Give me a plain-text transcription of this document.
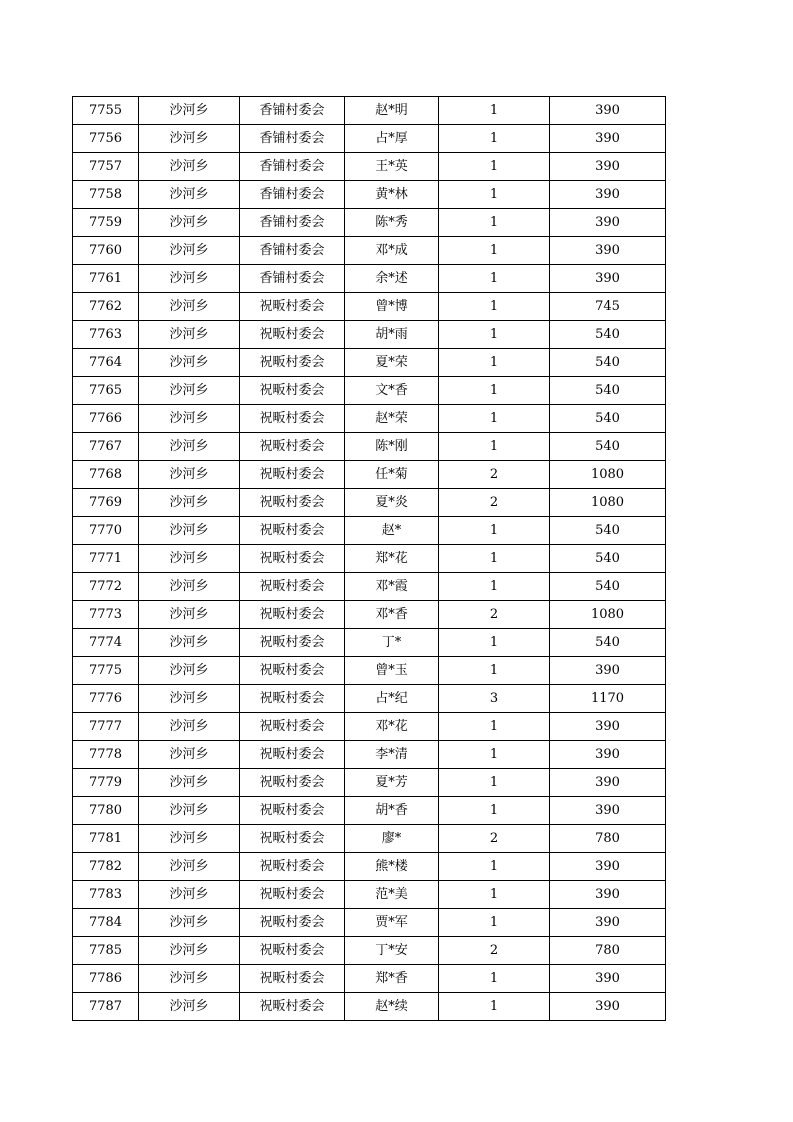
7755	沙河乡	香铺村委会	赵*明	1	390
7756	沙河乡	香铺村委会	占*厚	1	390
7757	沙河乡	香铺村委会	王*英	1	390
7758	沙河乡	香铺村委会	黄*林	1	390
7759	沙河乡	香铺村委会	陈*秀	1	390
7760	沙河乡	香铺村委会	邓*成	1	390
7761	沙河乡	香铺村委会	余*述	1	390
7762	沙河乡	祝畈村委会	曾*博	1	745
7763	沙河乡	祝畈村委会	胡*雨	1	540
7764	沙河乡	祝畈村委会	夏*荣	1	540
7765	沙河乡	祝畈村委会	文*香	1	540
7766	沙河乡	祝畈村委会	赵*荣	1	540
7767	沙河乡	祝畈村委会	陈*刚	1	540
7768	沙河乡	祝畈村委会	任*菊	2	1080
7769	沙河乡	祝畈村委会	夏*炎	2	1080
7770	沙河乡	祝畈村委会	赵*	1	540
7771	沙河乡	祝畈村委会	郑*花	1	540
7772	沙河乡	祝畈村委会	邓*霞	1	540
7773	沙河乡	祝畈村委会	邓*香	2	1080
7774	沙河乡	祝畈村委会	丁*	1	540
7775	沙河乡	祝畈村委会	曾*玉	1	390
7776	沙河乡	祝畈村委会	占*纪	3	1170
7777	沙河乡	祝畈村委会	邓*花	1	390
7778	沙河乡	祝畈村委会	李*清	1	390
7779	沙河乡	祝畈村委会	夏*芳	1	390
7780	沙河乡	祝畈村委会	胡*香	1	390
7781	沙河乡	祝畈村委会	廖*	2	780
7782	沙河乡	祝畈村委会	熊*楼	1	390
7783	沙河乡	祝畈村委会	范*美	1	390
7784	沙河乡	祝畈村委会	贾*军	1	390
7785	沙河乡	祝畈村委会	丁*安	2	780
7786	沙河乡	祝畈村委会	郑*香	1	390
7787	沙河乡	祝畈村委会	赵*续	1	390
